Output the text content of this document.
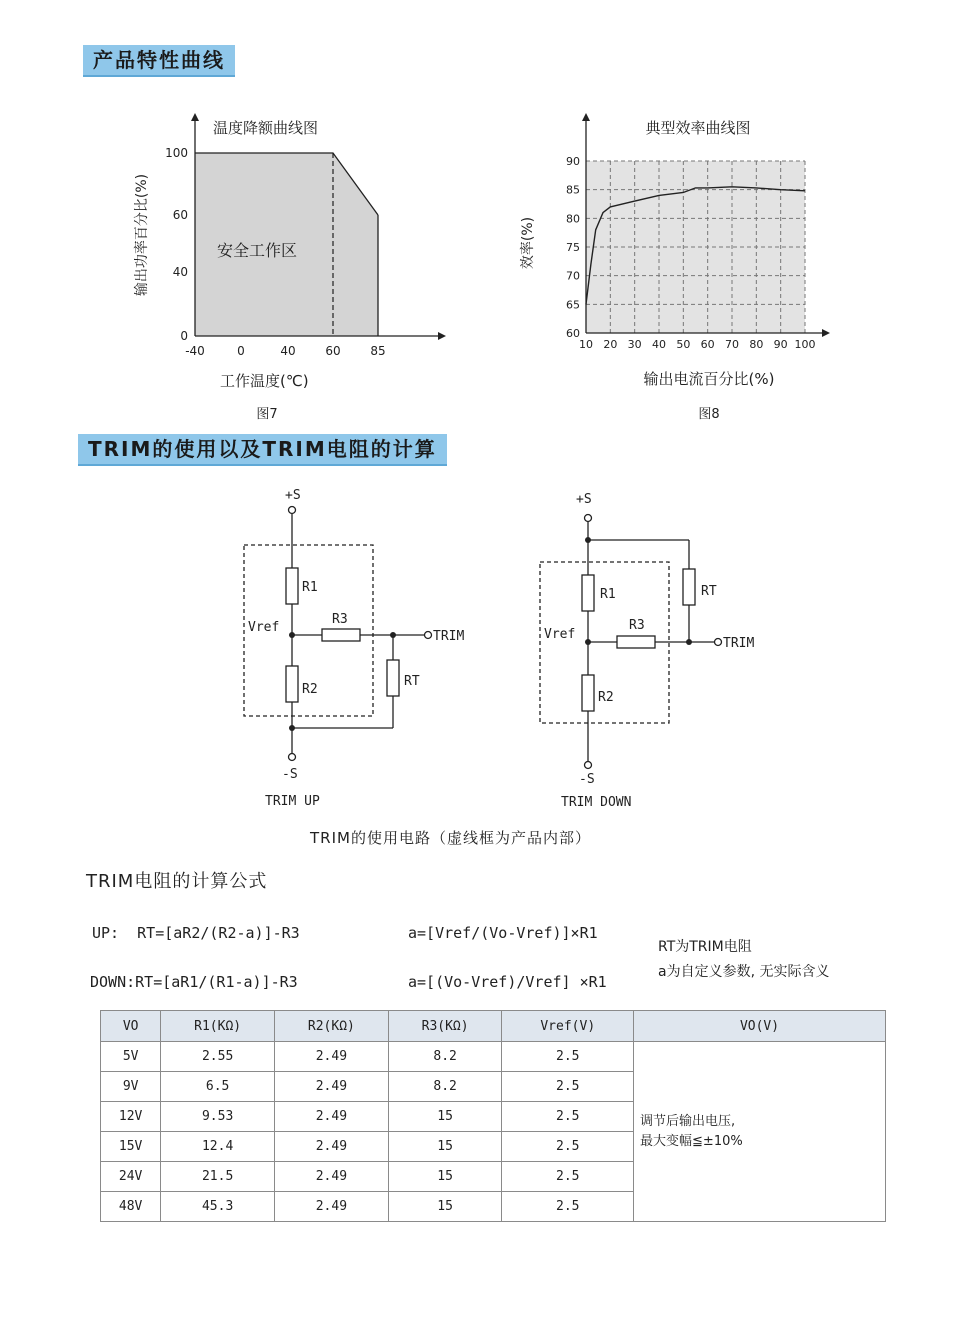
产品特性曲线
-40	0	40 60 85
0
40
60
100
温度降额曲线图
安全工作区
工作温度(℃)
输出功率百分比(%)
图7
10 20 30 40 50 60 70 80 90 100
60
65
70
75
80
85
90
典型效率曲线图
输出电流百分比(%)
效率(%)
图8
TRIM的使用以及TRIM电阻的计算
+S
R1
R3
Vref
TRIM
R2
RT
-S
TRIM UP
+S
R1	RT
R3
Vref
TRIM
R2
-S
TRIM DOWN
TRIM的使用电路（虚线框为产品内部）
TRIM电阻的计算公式
UP:  RT=[aR2/(R2-a)]-R3	a=[Vref/(Vo-Vref)]×R1
DOWN:RT=[aR1/(R1-a)]-R3	a=[(Vo-Vref)/Vref] ×R1
RT为TRIM电阻
a为自定义参数, 无实际含义
VO	R1(KΩ)	R2(KΩ)	R3(KΩ)	Vref(V)	VO(V)
5V	2.55	2.49	8.2	2.5	调节后输出电压,
最大变幅≦±10%

9V	6.5	2.49	8.2	2.5	
12V	9.53	2.49	15	2.5	
15V	12.4	2.49	15	2.5	
24V	21.5	2.49	15	2.5	
48V	45.3	2.49	15	2.5	
